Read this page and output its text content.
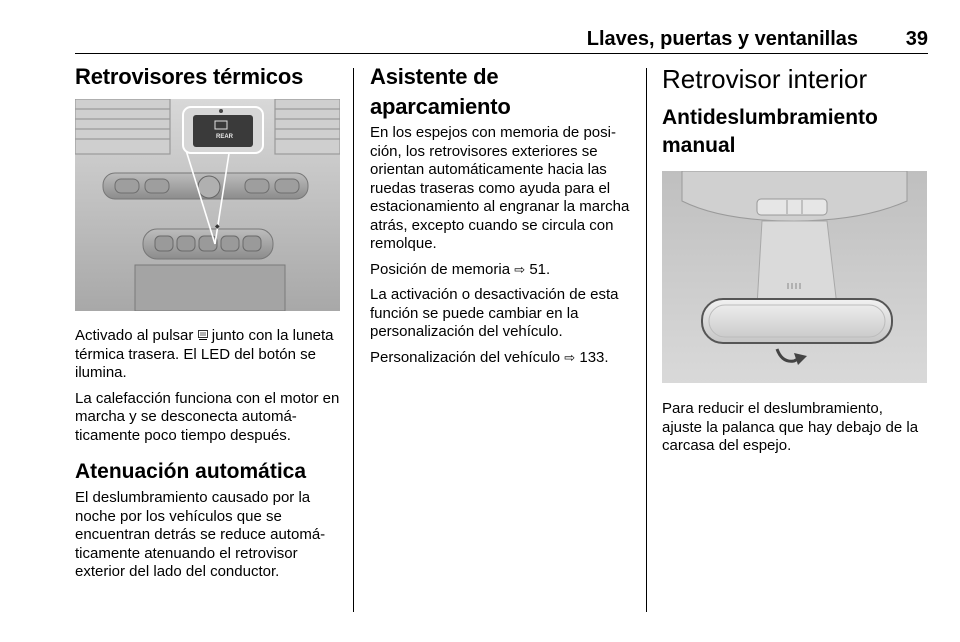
Llaves, puertas y ventanillas 39
Retrovisores térmicos
◆
REAR

Activado al pulsar junto con la luneta térmica trasera. El LED del botón se ilumina.

La calefacción funciona con el motor en marcha y se desconecta automáticamente poco tiempo después.

Atenuación automática

El deslumbramiento causado por la noche por los vehículos que se encuentran detrás se reduce automáticamente atenuando el retrovisor exterior del lado del conductor.

Asistente de aparcamiento

En los espejos con memoria de posición, los retrovisores exteriores se orientan automáticamente hacia las ruedas traseras como ayuda para el estacionamiento al engranar la marcha atrás, excepto cuando se circula con remolque.

Posición de memoria ⇨ 51.

La activación o desactivación de esta función se puede cambiar en la personalización del vehículo.

Personalización del vehículo ⇨ 133.

Retrovisor interior
Antideslumbramiento manual

Para reducir el deslumbramiento, ajuste la palanca que hay debajo de la carcasa del espejo.
